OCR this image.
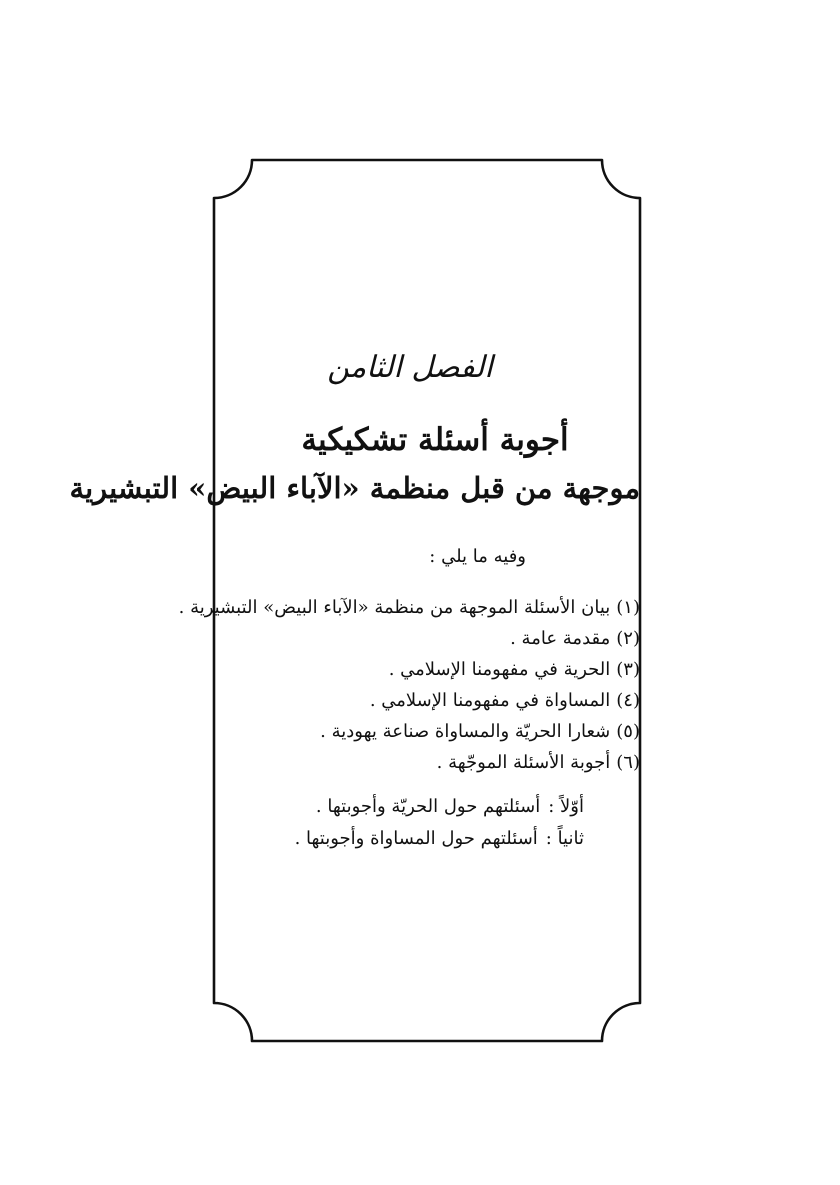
الفصل الثامن
أجوبة أسئلة تشكيكية
موجهة من قبل منظمة «الآباء البيض» التبشيرية
وفيه ما يلي :
(١)بيان الأسئلة الموجهة من منظمة «الآباء البيض» التبشيرية .
(٢)مقدمة عامة .
(٣)الحرية في مفهومنا الإسلامي .
(٤)المساواة في مفهومنا الإسلامي .
(٥)شعارا الحريّة والمساواة صناعة يهودية .
(٦)أجوبة الأسئلة الموجّهة .
أوّلاً :أسئلتهم حول الحريّة وأجوبتها .
ثانياً :أسئلتهم حول المساواة وأجوبتها .
